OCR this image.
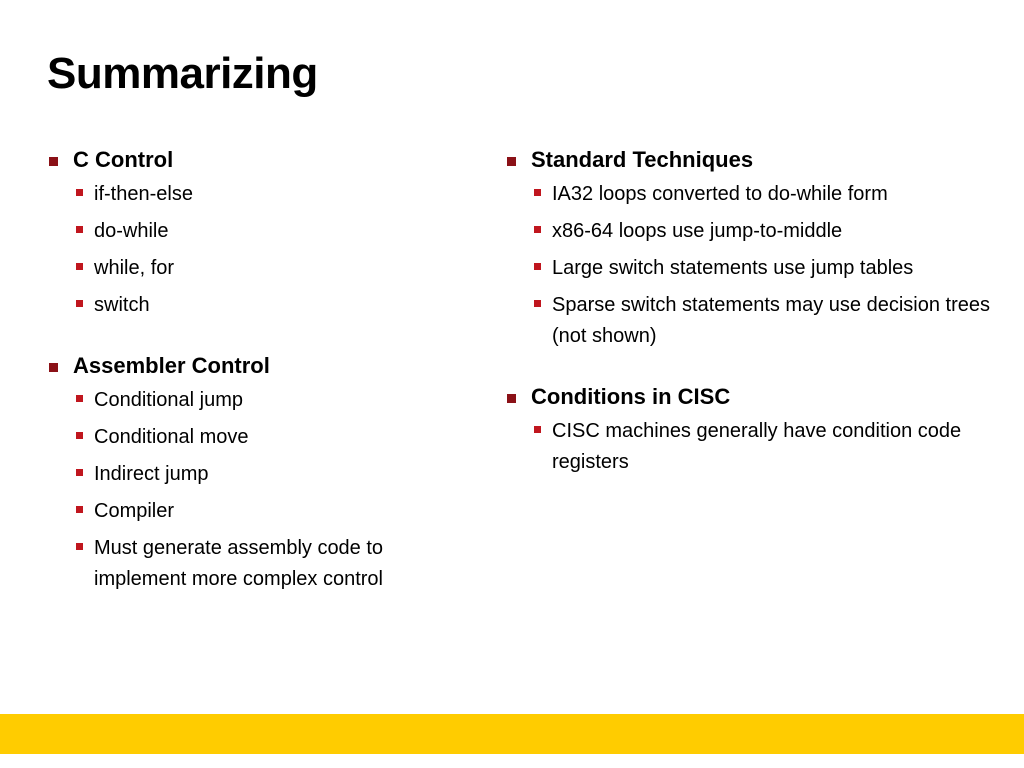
Summarizing
C Control
if-then-else
do-while
while, for
switch
Assembler Control
Conditional jump
Conditional move
Indirect jump
Compiler
Must generate assembly code to implement more complex control
Standard Techniques
IA32 loops converted to do-while form
x86-64 loops use jump-to-middle
Large switch statements use jump tables
Sparse switch statements may use decision trees (not shown)
Conditions in CISC
CISC machines generally have condition code registers
